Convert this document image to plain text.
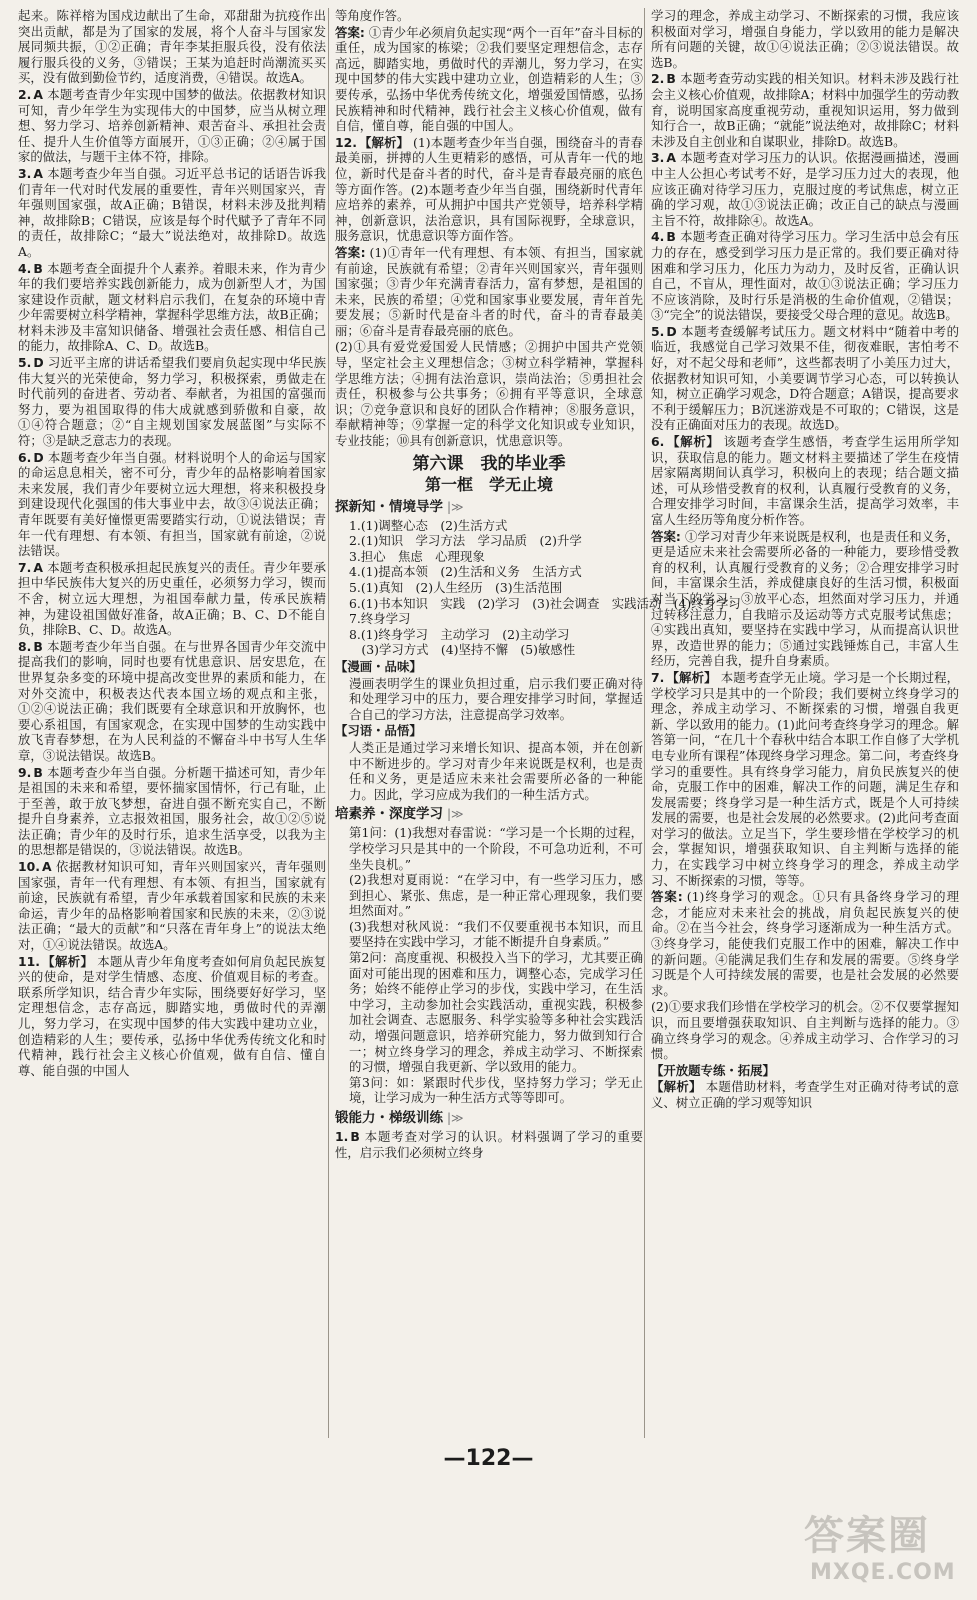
起来。陈祥榕为国戍边献出了生命，邓甜甜为抗疫作出突出贡献，都是为了国家的发展，将个人奋斗与国家发展同频共振，①②正确；青年李某拒服兵役，没有依法履行服兵役的义务，③错误；王某为追赶时尚潮流买买买，没有做到勤俭节约，适度消费，④错误。故选A。
2. A 本题考查青少年实现中国梦的做法。依据教材知识可知，青少年学生为实现伟大的中国梦，应当从树立理想、努力学习、培养创新精神、艰苦奋斗、承担社会责任、提升人生价值等方面展开，①③正确；②④属于国家的做法，与题干主体不符，排除。
3. A 本题考查少年当自强。习近平总书记的话语告诉我们青年一代对时代发展的重要性，青年兴则国家兴，青年强则国家强，故A正确；B错误，材料未涉及批判精神，故排除B；C错误，应该是每个时代赋予了青年不同的责任，故排除C；“最大”说法绝对，故排除D。故选A。
4. B 本题考查全面提升个人素养。着眼未来，作为青少年的我们要培养实践创新能力，成为创新型人才，为国家建设作贡献，题文材料启示我们，在复杂的环境中青少年需要树立科学精神，掌握科学思维方法，故B正确；材料未涉及丰富知识储备、增强社会责任感、相信自己的能力，故排除A、C、D。故选B。
5. D 习近平主席的讲话希望我们要肩负起实现中华民族伟大复兴的光荣使命，努力学习，积极探索，勇做走在时代前列的奋进者、劳动者、奉献者，为祖国的富强而努力，要为祖国取得的伟大成就感到骄傲和自豪，故①④符合题意；②“自主规划国家发展蓝图”与实际不符；③是缺乏意志力的表现。
6. D 本题考查少年当自强。材料说明个人的命运与国家的命运息息相关，密不可分，青少年的品格影响着国家未来发展，我们青少年要树立远大理想，将来积极投身到建设现代化强国的伟大事业中去，故③④说法正确；青年既要有美好憧憬更需要踏实行动，①说法错误；青年一代有理想、有本领、有担当，国家就有前途，②说法错误。
7. A 本题考查积极承担起民族复兴的责任。青少年要承担中华民族伟大复兴的历史重任，必须努力学习，锲而不舍，树立远大理想，为祖国奉献力量，传承民族精神，为建设祖国做好准备，故A正确；B、C、D不能自负，排除B、C、D。故选A。
8. B 本题考查少年当自强。在与世界各国青少年交流中提高我们的影响，同时也要有忧患意识、居安思危，在世界复杂多变的环境中提高改变世界的素质和能力，在对外交流中，积极表达代表本国立场的观点和主张，①②④说法正确；我们既要有全球意识和开放胸怀，也要心系祖国，有国家观念，在实现中国梦的生动实践中放飞青春梦想，在为人民利益的不懈奋斗中书写人生华章，③说法错误。故选B。
9. B 本题考查少年当自强。分析题干描述可知，青少年是祖国的未来和希望，要怀揣家国情怀，行己有耻，止于至善，敢于放飞梦想，奋进自强不断充实自己，不断提升自身素养，立志报效祖国，服务社会，故①②⑤说法正确；青少年的及时行乐，追求生活享受，以我为主的思想都是错误的，③说法错误。故选B。
10. A 依据教材知识可知，青年兴则国家兴，青年强则国家强，青年一代有理想、有本领、有担当，国家就有前途，民族就有希望，青少年承载着国家和民族的未来命运，青少年的品格影响着国家和民族的未来，②③说法正确；“最大的贡献”和“只落在青年身上”的说法太绝对，①④说法错误。故选A。
11. 【解析】 本题从青少年角度考查如何肩负起民族复兴的使命，是对学生情感、态度、价值观目标的考查。联系所学知识，结合青少年实际，围绕要好好学习，坚定理想信念，志存高远，脚踏实地，勇做时代的弄潮儿，努力学习，在实现中国梦的伟大实践中建功立业，创造精彩的人生；要传承，弘扬中华优秀传统文化和时代精神，践行社会主义核心价值观，做有自信、懂自尊、能自强的中国人
等角度作答。
答案: ①青少年必须肩负起实现“两个一百年”奋斗目标的重任，成为国家的栋梁；②我们要坚定理想信念，志存高远，脚踏实地，勇做时代的弄潮儿，努力学习，在实现中国梦的伟大实践中建功立业，创造精彩的人生；③要传承，弘扬中华优秀传统文化，增强爱国情感，弘扬民族精神和时代精神，践行社会主义核心价值观，做有自信，懂自尊，能自强的中国人。
12. 【解析】 (1)本题考查少年当自强，围绕奋斗的青春最美丽，拼搏的人生更精彩的感悟，可从青年一代的地位，新时代是奋斗者的时代，奋斗是青春最亮丽的底色等方面作答。(2)本题考查少年当自强，围绕新时代青年应培养的素养，可从拥护中国共产党领导，培养科学精神，创新意识，法治意识，具有国际视野，全球意识，服务意识，忧患意识等方面作答。
答案: (1)①青年一代有理想、有本领、有担当，国家就有前途，民族就有希望；②青年兴则国家兴，青年强则国家强；③青少年充满青春活力，富有梦想，是祖国的未来，民族的希望；④党和国家事业要发展，青年首先要发展；⑤新时代是奋斗者的时代，奋斗的青春最美丽；⑥奋斗是青春最亮丽的底色。
(2)①具有爱党爱国爱人民情感；②拥护中国共产党领导，坚定社会主义理想信念；③树立科学精神，掌握科学思维方法；④拥有法治意识，崇尚法治；⑤勇担社会责任，积极参与公共事务；⑥拥有平等意识，全球意识；⑦竞争意识和良好的团队合作精神；⑧服务意识，奉献精神等；⑨掌握一定的科学文化知识或专业知识，专业技能；⑩具有创新意识，忧患意识等。
第六课　我的毕业季
第一框　学无止境
探新知・情境导学 |≫
1.(1)调整心态　(2)生活方式
2.(1)知识　学习方法　学习品质　(2)升学
3.担心　焦虑　心理现象
4.(1)提高本领　(2)生活和义务　生活方式
5.(1)真知　(2)人生经历　(3)生活范围
6.(1)书本知识　实践　(2)学习　(3)社会调查　实践活动　(4)终身学习
7.终身学习
8.(1)终身学习　主动学习　(2)主动学习
　(3)学习方式　(4)坚持不懈　(5)敏感性
【漫画・品味】
漫画表明学生的课业负担过重，启示我们要正确对待和处理学习中的压力，要合理安排学习时间，掌握适合自己的学习方法，注意提高学习效率。
【习语・品悟】
人类正是通过学习来增长知识、提高本领，并在创新中不断进步的。学习对青少年来说既是权利，也是责任和义务，更是适应未来社会需要所必备的一种能力。因此，学习应成为我们的一种生活方式。
培素养・深度学习 |≫
第1问：(1)我想对春雷说：“学习是一个长期的过程，学校学习只是其中的一个阶段，不可急功近利，不可坐失良机。”
(2)我想对夏雨说：“在学习中，有一些学习压力，感到担心、紧张、焦虑，是一种正常心理现象，我们要坦然面对。”
(3)我想对秋风说：“我们不仅要重视书本知识，而且要坚持在实践中学习，才能不断提升自身素质。”
第2问：高度重视、积极投入当下的学习，尤其要正确面对可能出现的困难和压力，调整心态，完成学习任务；始终不能停止学习的步伐，实践中学习，在生活中学习，主动参加社会实践活动，重视实践，积极参加社会调查、志愿服务、科学实验等多种社会实践活动，增强问题意识，培养研究能力，努力做到知行合一；树立终身学习的理念，养成主动学习、不断探索的习惯，增强自我更新、学以致用的能力。
第3问：如：紧跟时代步伐，坚持努力学习；学无止境，让学习成为一种生活方式等等即可。
锻能力・梯级训练 |≫
1. B 本题考查对学习的认识。材料强调了学习的重要性，启示我们必须树立终身
学习的理念，养成主动学习、不断探索的习惯，我应该积极面对学习，增强自身能力，学以致用的能力是解决所有问题的关键，故①④说法正确；②③说法错误。故选B。
2. B 本题考查劳动实践的相关知识。材料未涉及践行社会主义核心价值观，故排除A；材料中加强学生的劳动教育，说明国家高度重视劳动，重视知识运用，努力做到知行合一，故B正确；“就能”说法绝对，故排除C；材料未涉及自主创业和自谋职业，排除D。故选B。
3. A 本题考查对学习压力的认识。依据漫画描述，漫画中主人公担心考试考不好，是学习压力过大的表现，他应该正确对待学习压力，克服过度的考试焦虑，树立正确的学习观，故①③说法正确；改正自己的缺点与漫画主旨不符，故排除④。故选A。
4. B 本题考查正确对待学习压力。学习生活中总会有压力的存在，感受到学习压力是正常的。我们要正确对待困难和学习压力，化压力为动力，及时反省，正确认识自己，不盲从，理性面对，故①③说法正确；学习压力不应该消除，及时行乐是消极的生命价值观，②错误；③“完全”的说法错误，要接受父母合理的意见。故选B。
5. D 本题考查缓解考试压力。题文材料中“随着中考的临近，我感觉自己学习效果不佳，彻夜难眠，害怕考不好，对不起父母和老师”，这些都表明了小美压力过大，依据教材知识可知，小美要调节学习心态，可以转换认知，树立正确学习观念，D符合题意；A错误，提高要求不利于缓解压力；B沉迷游戏是不可取的；C错误，这是没有正确面对压力的表现。故选D。
6. 【解析】 该题考查学生感悟，考查学生运用所学知识，获取信息的能力。题文材料主要描述了学生在疫情居家隔离期间认真学习，积极向上的表现；结合题文描述，可从珍惜受教育的权利，认真履行受教育的义务，合理安排学习时间，丰富课余生活，提高学习效率，丰富人生经历等角度分析作答。
答案: ①学习对青少年来说既是权利，也是责任和义务，更是适应未来社会需要所必备的一种能力，要珍惜受教育的权利，认真履行受教育的义务；②合理安排学习时间，丰富课余生活，养成健康良好的生活习惯，积极面对当下的学习；③放平心态，坦然面对学习压力，并通过转移注意力，自我暗示及运动等方式克服考试焦虑；④实践出真知，要坚持在实践中学习，从而提高认识世界，改造世界的能力；⑤通过实践锤炼自己，丰富人生经历，完善自我，提升自身素质。
7. 【解析】 本题考查学无止境。学习是一个长期过程，学校学习只是其中的一个阶段；我们要树立终身学习的理念，养成主动学习、不断探索的习惯，增强自我更新、学以致用的能力。(1)此问考查终身学习的理念。解答第一问，“在几十个春秋中结合本职工作自修了大学机电专业所有课程”体现终身学习理念。第二问，考查终身学习的重要性。具有终身学习能力，肩负民族复兴的使命，克服工作中的困难，解决工作的问题，满足生存和发展需要；终身学习是一种生活方式，既是个人可持续发展的需要，也是社会发展的必然要求。(2)此问考查面对学习的做法。立足当下，学生要珍惜在学校学习的机会，掌握知识，增强获取知识、自主判断与选择的能力，在实践学习中树立终身学习的理念，养成主动学习、不断探索的习惯，等等。
答案: (1)终身学习的观念。①只有具备终身学习的理念，才能应对未来社会的挑战，肩负起民族复兴的使命。②在当今社会，终身学习逐渐成为一种生活方式。③终身学习，能使我们克服工作中的困难，解决工作中的新问题。④能满足我们生存和发展的需要。⑤终身学习既是个人可持续发展的需要，也是社会发展的必然要求。
(2)①要求我们珍惜在学校学习的机会。②不仅要掌握知识，而且要增强获取知识、自主判断与选择的能力。③确立终身学习的观念。④养成主动学习、合作学习的习惯。
【开放题专练・拓展】
【解析】 本题借助材料，考查学生对正确对待考试的意义、树立正确的学习观等知识
—122—
答案圈
MXQE.COM
